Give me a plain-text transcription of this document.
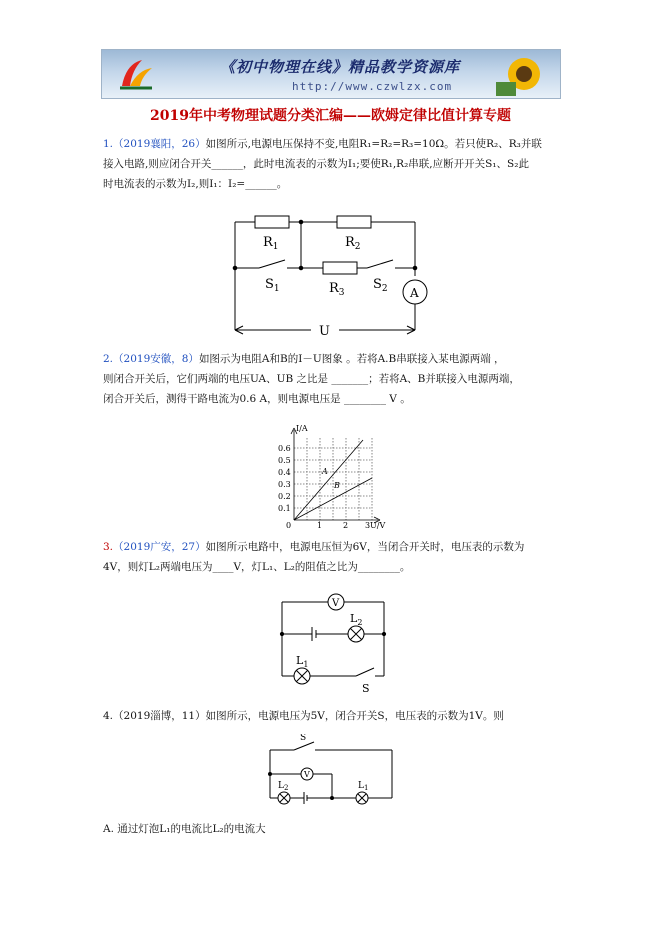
《初中物理在线》精品教学资源库
http://www.czwlzx.com
2019年中考物理试题分类汇编——欧姆定律比值计算专题
1.（2019襄阳，26）如图所示,电源电压保持不变,电阻R₁=R₂=R₃=10Ω。若只使R₂、R₃并联
接入电路,则应闭合开关______，此时电流表的示数为I₁;要使R₁,R₂串联,应断开开关S₁、S₂此
时电流表的示数为I₂,则I₁：I₂=______。
$R_1$	$R_2$
$R_3$
$S_1$	$S_2$ A
U
2.（2019安徽，8）如图示为电阻A和B的I－U图象 。若将A.B串联接入某电源两端 ，
则闭合开关后，它们两端的电压UA、UB 之比是 _______；若将A、B并联接入电源两端，
闭合开关后，测得干路电流为0.6 A，则电源电压是 ________ V 。
I/A
U/V
0
0.1
0.2
0.3
0.4
0.5
0.6
1	2 3
A
B
3.（2019广安，27）如图所示电路中，电源电压恒为6V，当闭合开关时，电压表的示数为
4V，则灯L₂两端电压为____V，灯L₁、L₂的阻值之比为________。
V
$L_2$
$L_1$
S
4.（2019淄博，11）如图所示，电源电压为5V，闭合开关S，电压表的示数为1V。则
S
V
$L_2$	$L_1$
A. 通过灯泡L₁的电流比L₂的电流大
